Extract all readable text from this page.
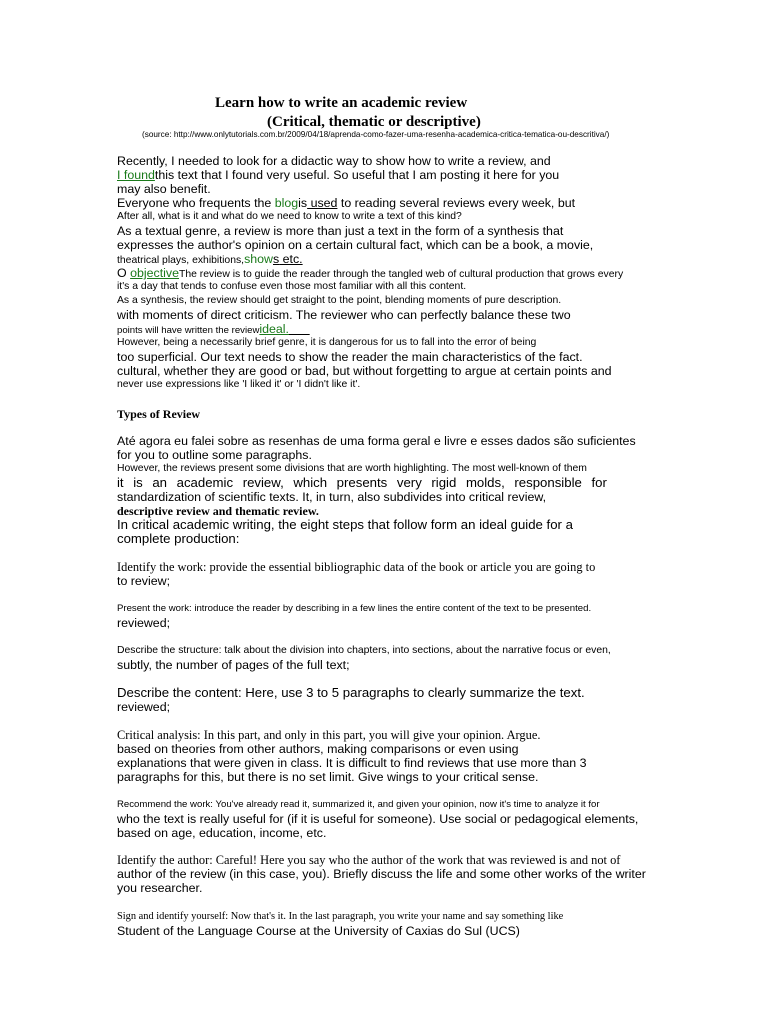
Learn how to write an academic review
(Critical, thematic or descriptive)
(source: http://www.onlytutorials.com.br/2009/04/18/aprenda-como-fazer-uma-resenha-academica-critica-tematica-ou-descritiva/)
Recently, I needed to look for a didactic way to show how to write a review, and
I foundthis text that I found very useful. So useful that I am posting it here for you
may also benefit.
Everyone who frequents the blogis used to reading several reviews every week, but
After all, what is it and what do we need to know to write a text of this kind?
As a textual genre, a review is more than just a text in the form of a synthesis that
expresses the author's opinion on a certain cultural fact, which can be a book, a movie,
theatrical plays, exhibitions,shows etc.
O objectiveThe review is to guide the reader through the tangled web of cultural production that grows every
it's a day that tends to confuse even those most familiar with all this content.
As a synthesis, the review should get straight to the point, blending moments of pure description.
with moments of direct criticism. The reviewer who can perfectly balance these two
points will have written the reviewideal.
However, being a necessarily brief genre, it is dangerous for us to fall into the error of being
too superficial. Our text needs to show the reader the main characteristics of the fact.
cultural, whether they are good or bad, but without forgetting to argue at certain points and
never use expressions like 'I liked it' or 'I didn't like it'.
Types of Review
Até agora eu falei sobre as resenhas de uma forma geral e livre e esses dados são suficientes
for you to outline some paragraphs.
However, the reviews present some divisions that are worth highlighting. The most well-known of them
it is an academic review, which presents very rigid molds, responsible for
standardization of scientific texts. It, in turn, also subdivides into critical review,
descriptive review and thematic review.
In critical academic writing, the eight steps that follow form an ideal guide for a
complete production:
Identify the work: provide the essential bibliographic data of the book or article you are going to
to review;
Present the work: introduce the reader by describing in a few lines the entire content of the text to be presented.
reviewed;
Describe the structure: talk about the division into chapters, into sections, about the narrative focus or even,
subtly, the number of pages of the full text;
Describe the content: Here, use 3 to 5 paragraphs to clearly summarize the text.
reviewed;
Critical analysis: In this part, and only in this part, you will give your opinion. Argue.
based on theories from other authors, making comparisons or even using
explanations that were given in class. It is difficult to find reviews that use more than 3
paragraphs for this, but there is no set limit. Give wings to your critical sense.
Recommend the work: You've already read it, summarized it, and given your opinion, now it's time to analyze it for
who the text is really useful for (if it is useful for someone). Use social or pedagogical elements,
based on age, education, income, etc.
Identify the author: Careful! Here you say who the author of the work that was reviewed is and not of
author of the review (in this case, you). Briefly discuss the life and some other works of the writer
you researcher.
Sign and identify yourself: Now that's it. In the last paragraph, you write your name and say something like
Student of the Language Course at the University of Caxias do Sul (UCS)
